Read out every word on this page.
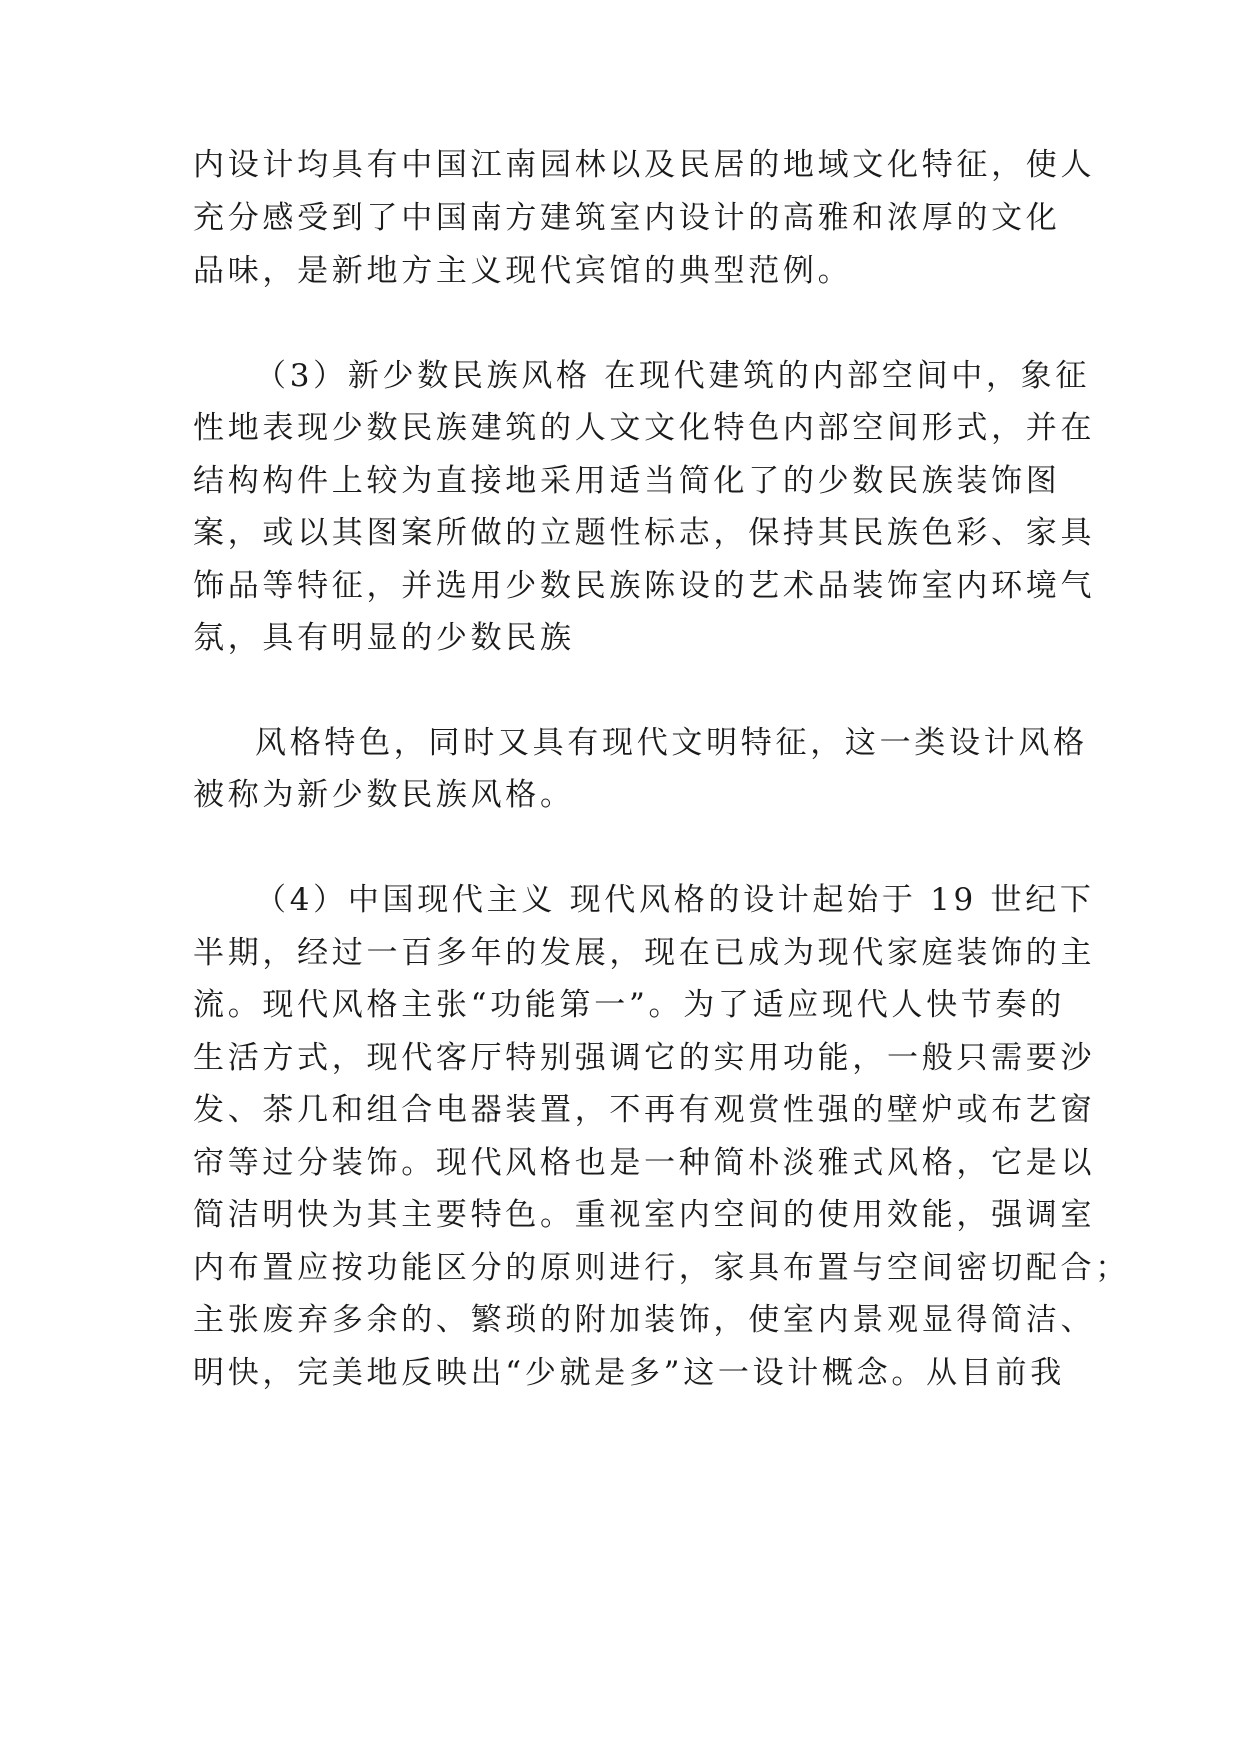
内设计均具有中国江南园林以及民居的地域文化特征，使人
充分感受到了中国南方建筑室内设计的高雅和浓厚的文化
品味，是新地方主义现代宾馆的典型范例。
（3）新少数民族风格 在现代建筑的内部空间中，象征
性地表现少数民族建筑的人文文化特色内部空间形式，并在
结构构件上较为直接地采用适当简化了的少数民族装饰图
案，或以其图案所做的立题性标志，保持其民族色彩、家具
饰品等特征，并选用少数民族陈设的艺术品装饰室内环境气
氛，具有明显的少数民族
风格特色，同时又具有现代文明特征，这一类设计风格
被称为新少数民族风格。
（4）中国现代主义 现代风格的设计起始于 19 世纪下
半期，经过一百多年的发展，现在已成为现代家庭装饰的主
流。现代风格主张“功能第一”。为了适应现代人快节奏的
生活方式，现代客厅特别强调它的实用功能，一般只需要沙
发、茶几和组合电器装置，不再有观赏性强的壁炉或布艺窗
帘等过分装饰。现代风格也是一种简朴淡雅式风格，它是以
简洁明快为其主要特色。重视室内空间的使用效能，强调室
内布置应按功能区分的原则进行，家具布置与空间密切配合；
主张废弃多余的、繁琐的附加装饰，使室内景观显得简洁、
明快，完美地反映出“少就是多”这一设计概念。从目前我
